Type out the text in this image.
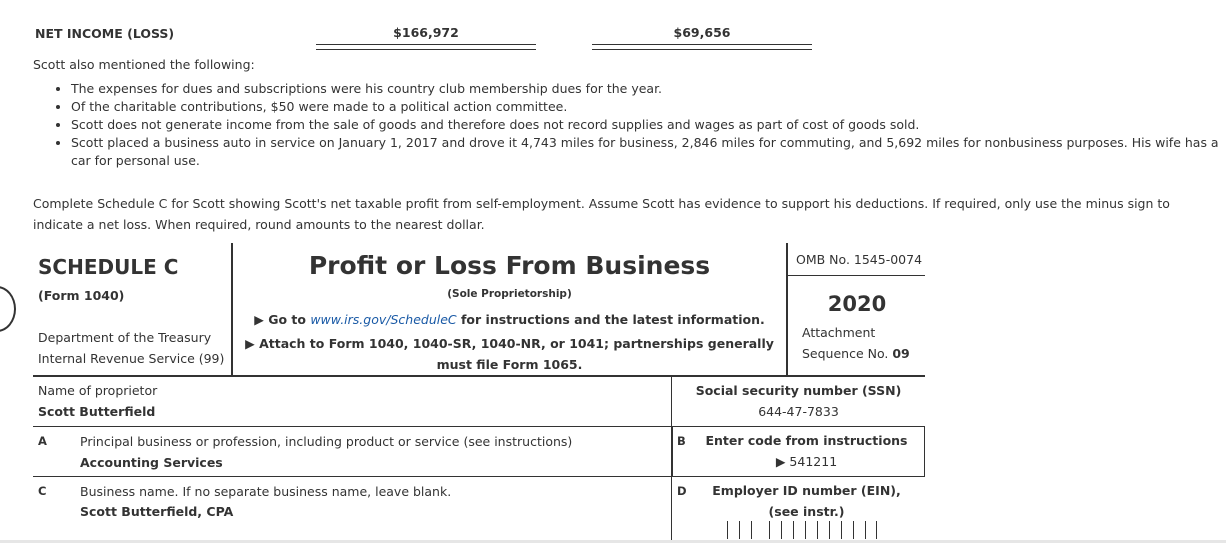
NET INCOME (LOSS)	$166,972	$69,656
Scott also mentioned the following:
• The expenses for dues and subscriptions were his country club membership dues for the year.
• Of the charitable contributions, $50 were made to a political action committee.
• Scott does not generate income from the sale of goods and therefore does not record supplies and wages as part of cost of goods sold.
• Scott placed a business auto in service on January 1, 2017 and drove it 4,743 miles for business, 2,846 miles for commuting, and 5,692 miles for nonbusiness purposes. His wife has a car for personal use.
Complete Schedule C for Scott showing Scott's net taxable profit from self-employment. Assume Scott has evidence to support his deductions. If required, only use the minus sign to indicate a net loss. When required, round amounts to the nearest dollar.
SCHEDULE C
(Form 1040)
Department of the Treasury
Internal Revenue Service (99)
Profit or Loss From Business
(Sole Proprietorship)
▶ Go to www.irs.gov/ScheduleC for instructions and the latest information.
▶ Attach to Form 1040, 1040-SR, 1040-NR, or 1041; partnerships generally must file Form 1065.
OMB No. 1545-0074
2020
Attachment
Sequence No. 09
Name of proprietor
Scott Butterfield
Social security number (SSN)
644-47-7833
A	Principal business or profession, including product or service (see instructions)
Accounting Services
B	Enter code from instructions
▶ 541211
C	Business name. If no separate business name, leave blank.
Scott Butterfield, CPA
D	Employer ID number (EIN),
(see instr.)
